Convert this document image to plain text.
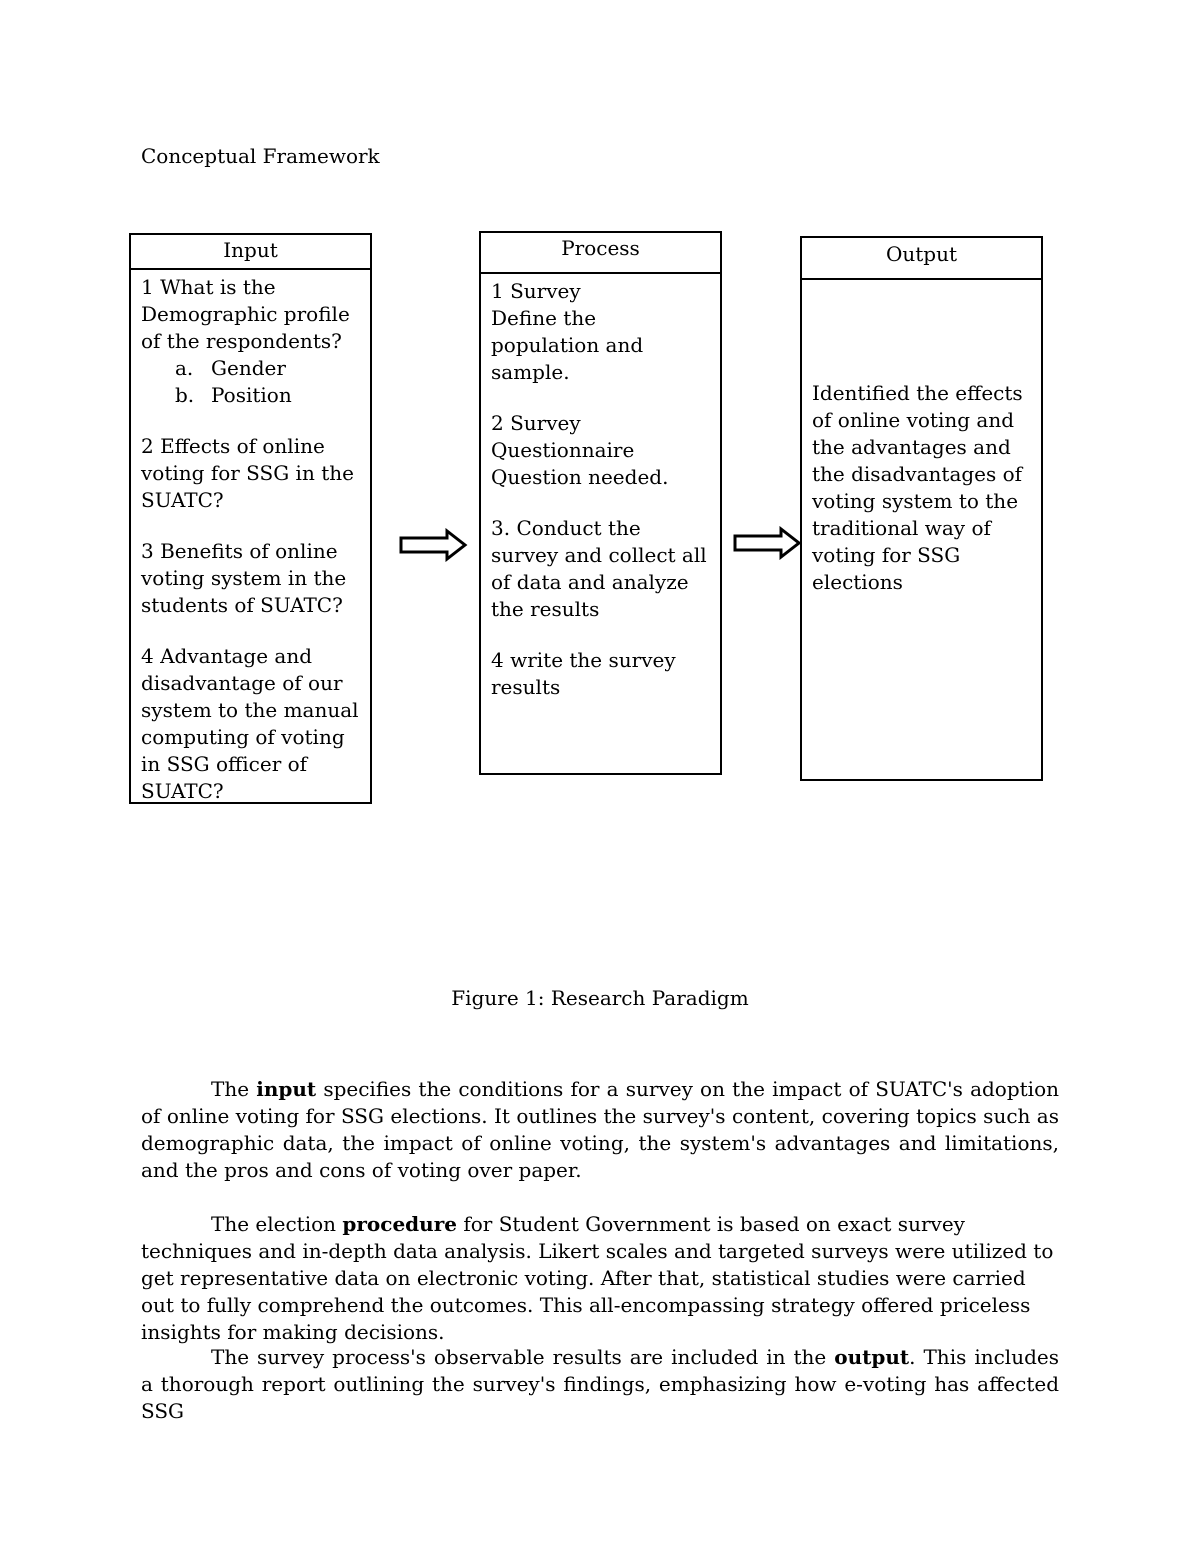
Conceptual Framework
Input
1 What is the Demographic profile of the respondents?
a. Gender
b. Position

2 Effects of online voting for SSG in the SUATC?

3 Benefits of online voting system in the students of SUATC?

4 Advantage and disadvantage of our system to the manual computing of voting in SSG officer of SUATC?

Process

1 Survey
Define the population and sample.

2 Survey Questionnaire
Question needed.

3. Conduct the survey and collect all of data and analyze the results

4 write the survey results

Output

Identified the effects of online voting and the advantages and the disadvantages of voting system to the traditional way of voting for SSG elections

Figure 1: Research Paradigm

The input specifies the conditions for a survey on the impact of SUATC's adoption of online voting for SSG elections. It outlines the survey's content, covering topics such as demographic data, the impact of online voting, the system's advantages and limitations, and the pros and cons of voting over paper.

The election procedure for Student Government is based on exact survey techniques and in-depth data analysis. Likert scales and targeted surveys were utilized to get representative data on electronic voting. After that, statistical studies were carried out to fully comprehend the outcomes. This all-encompassing strategy offered priceless insights for making decisions.

The survey process's observable results are included in the output. This includes a thorough report outlining the survey's findings, emphasizing how e-voting has affected SSG
